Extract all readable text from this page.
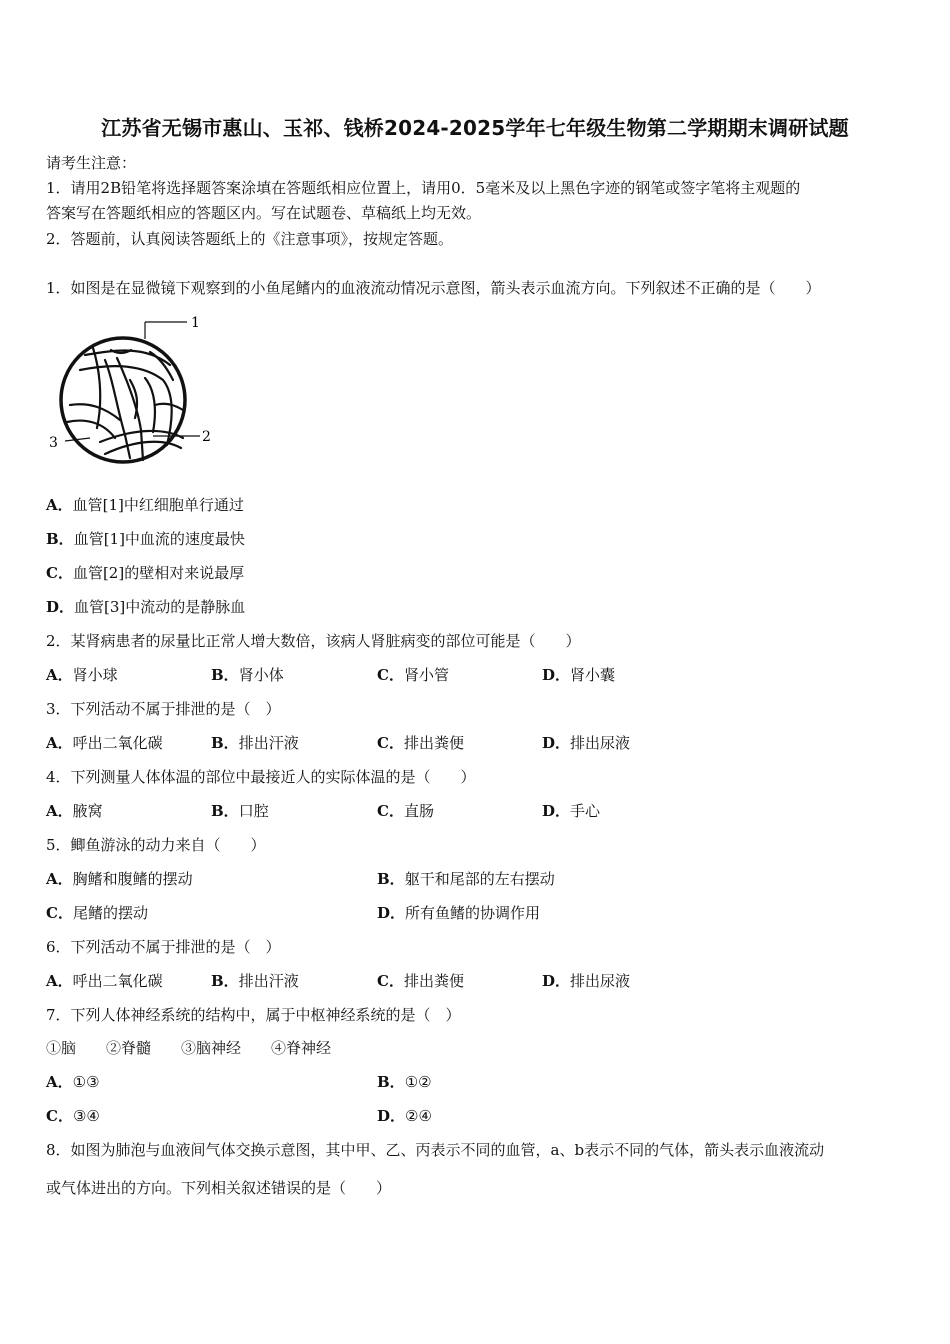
江苏省无锡市惠山、玉祁、钱桥2024-2025学年七年级生物第二学期期末调研试题
请考生注意：
1．请用2B铅笔将选择题答案涂填在答题纸相应位置上，请用0．5毫米及以上黑色字迹的钢笔或签字笔将主观题的
答案写在答题纸相应的答题区内。写在试题卷、草稿纸上均无效。
2．答题前，认真阅读答题纸上的《注意事项》，按规定答题。
1．如图是在显微镜下观察到的小鱼尾鳍内的血液流动情况示意图，箭头表示血流方向。下列叙述不正确的是（　　）
1
2
3
A．血管[1]中红细胞单行通过
B．血管[1]中血流的速度最快
C．血管[2]的壁相对来说最厚
D．血管[3]中流动的是静脉血
2．某肾病患者的尿量比正常人增大数倍，该病人肾脏病变的部位可能是（　　）
A．肾小球	B．肾小体	C．肾小管	D．肾小囊
3．下列活动不属于排泄的是（　）
A．呼出二氧化碳	B．排出汗液	C．排出粪便	D．排出尿液
4．下列测量人体体温的部位中最接近人的实际体温的是（　　）
A．腋窝	B．口腔	C．直肠	D．手心
5．鲫鱼游泳的动力来自（　　）
A．胸鳍和腹鳍的摆动	B．躯干和尾部的左右摆动
C．尾鳍的摆动	D．所有鱼鳍的协调作用
6．下列活动不属于排泄的是（　）
A．呼出二氧化碳	B．排出汗液	C．排出粪便	D．排出尿液
7．下列人体神经系统的结构中，属于中枢神经系统的是（　）
①脑　　②脊髓　　③脑神经　　④脊神经
A．①③	B．①②
C．③④	D．②④
8．如图为肺泡与血液间气体交换示意图，其中甲、乙、丙表示不同的血管，a、b表示不同的气体，箭头表示血液流动
或气体进出的方向。下列相关叙述错误的是（　　）
